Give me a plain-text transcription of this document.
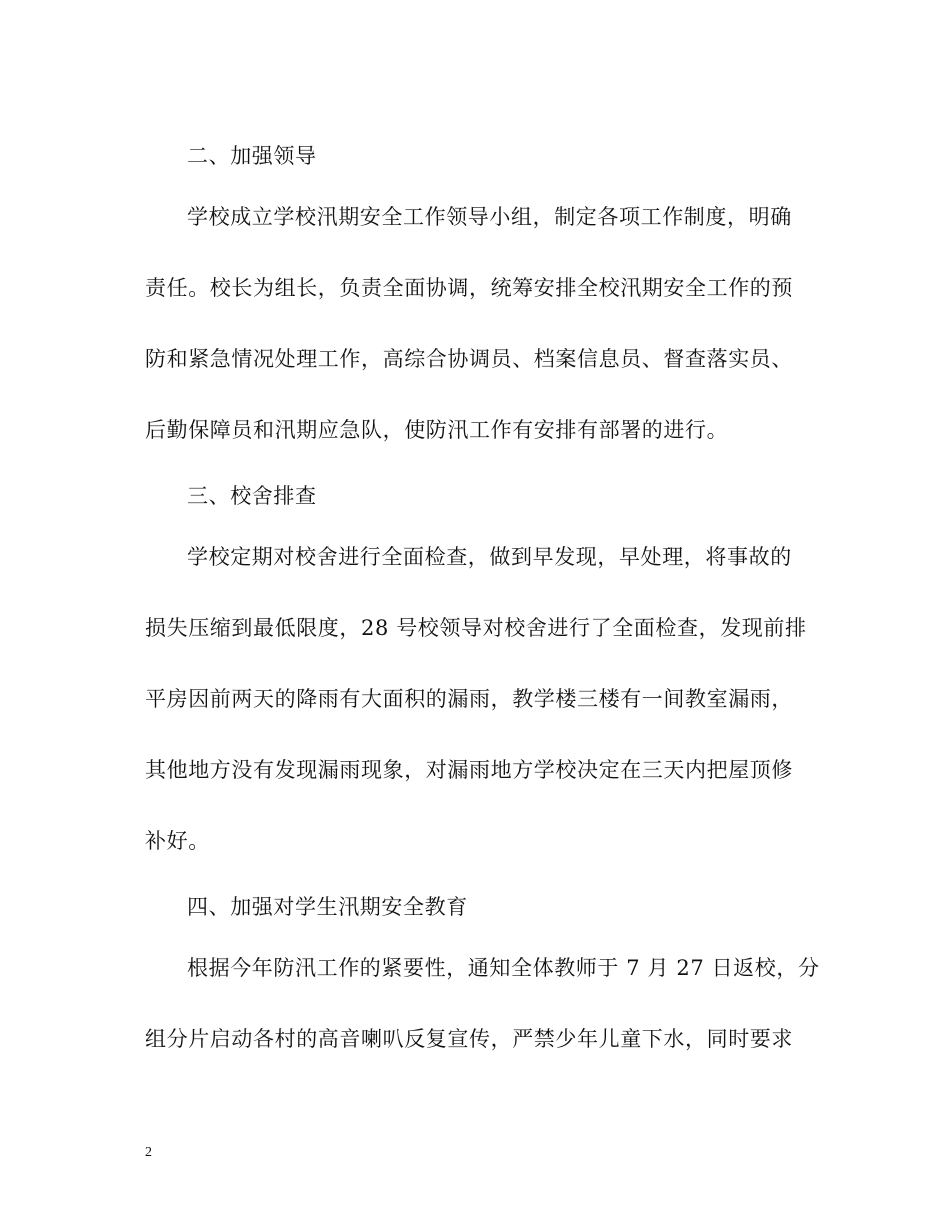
二、加强领导
学校成立学校汛期安全工作领导小组，制定各项工作制度，明确
责任。校长为组长，负责全面协调，统筹安排全校汛期安全工作的预
防和紧急情况处理工作，高综合协调员、档案信息员、督查落实员、
后勤保障员和汛期应急队，使防汛工作有安排有部署的进行。
三、校舍排查
学校定期对校舍进行全面检查，做到早发现，早处理，将事故的
损失压缩到最低限度，28 号校领导对校舍进行了全面检查，发现前排
平房因前两天的降雨有大面积的漏雨，教学楼三楼有一间教室漏雨，
其他地方没有发现漏雨现象，对漏雨地方学校决定在三天内把屋顶修
补好。
四、加强对学生汛期安全教育
根据今年防汛工作的紧要性，通知全体教师于 7 月 27 日返校，分
组分片启动各村的高音喇叭反复宣传，严禁少年儿童下水，同时要求
2
